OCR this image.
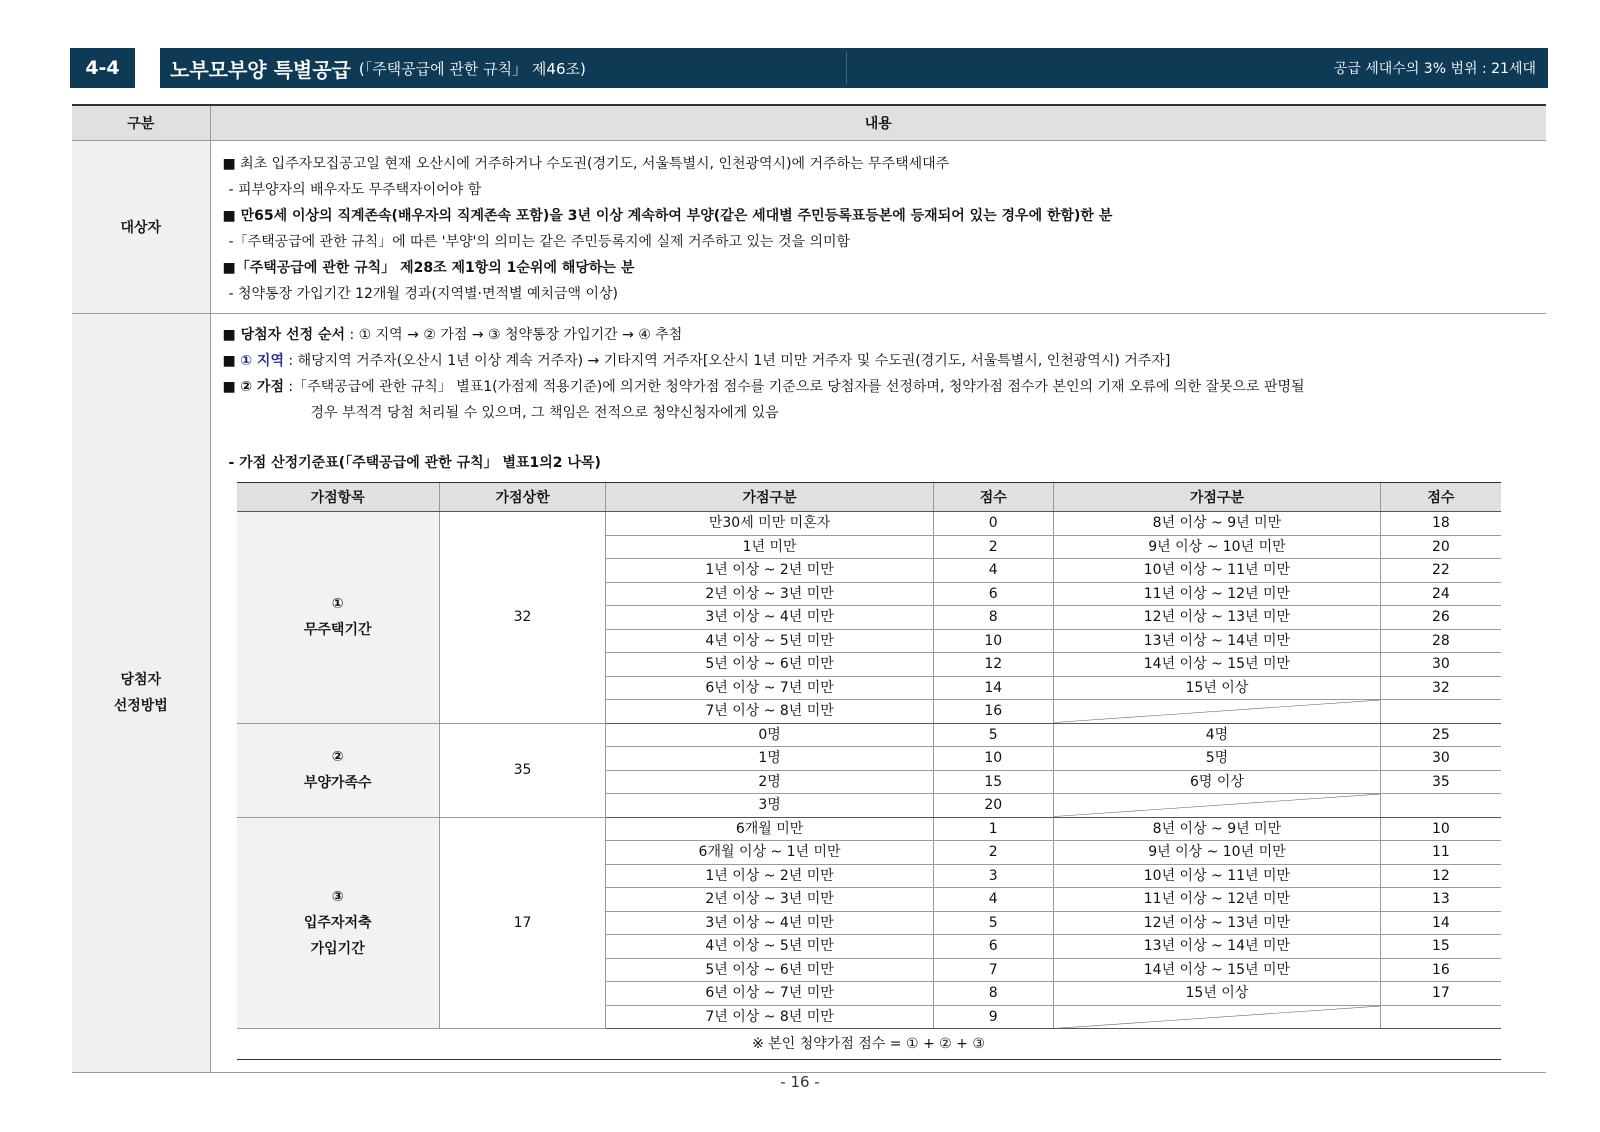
4-4	노부모부양 특별공급 (「주택공급에 관한 규칙」 제46조)	공급 세대수의 3% 범위 : 21세대
구분	내용
대상자	
■ 최초 입주자모집공고일 현재 오산시에 거주하거나 수도권(경기도, 서울특별시, 인천광역시)에 거주하는 무주택세대주
- 피부양자의 배우자도 무주택자이어야 함
■ 만65세 이상의 직계존속(배우자의 직계존속 포함)을 3년 이상 계속하여 부양(같은 세대별 주민등록표등본에 등재되어 있는 경우에 한함)한 분
-「주택공급에 관한 규칙」에 따른 '부양'의 의미는 같은 주민등록지에 실제 거주하고 있는 것을 의미함
■「주택공급에 관한 규칙」 제28조 제1항의 1순위에 해당하는 분
- 청약통장 가입기간 12개월 경과(지역별·면적별 예치금액 이상)

당첨자
선정방법

■ 당첨자 선정 순서 : ① 지역 → ② 가점 → ③ 청약통장 가입기간 → ④ 추첨
■ ① 지역 : 해당지역 거주자(오산시 1년 이상 계속 거주자) → 기타지역 거주자[오산시 1년 미만 거주자 및 수도권(경기도, 서울특별시, 인천광역시) 거주자]
■ ② 가점 :「주택공급에 관한 규칙」 별표1(가점제 적용기준)에 의거한 청약가점 점수를 기준으로 당첨자를 선정하며, 청약가점 점수가 본인의 기재 오류에 의한 잘못으로 판명될
경우 부적격 당첨 처리될 수 있으며, 그 책임은 전적으로 청약신청자에게 있음
- 가점 산정기준표(「주택공급에 관한 규칙」 별표1의2 나목)
가점항목	가점상한	가점구분	점수	가점구분	점수

①
무주택기간
	32	만30세 미만 미혼자	0	8년 이상 ~ 9년 미만	18
1년 미만	2	9년 이상 ~ 10년 미만	20
1년 이상 ~ 2년 미만	4	10년 이상 ~ 11년 미만	22
2년 이상 ~ 3년 미만	6	11년 이상 ~ 12년 미만	24
3년 이상 ~ 4년 미만	8	12년 이상 ~ 13년 미만	26
4년 이상 ~ 5년 미만	10	13년 이상 ~ 14년 미만	28
5년 이상 ~ 6년 미만	12	14년 이상 ~ 15년 미만	30
6년 이상 ~ 7년 미만	14	15년 이상	32
7년 이상 ~ 8년 미만	16	

②
부양가족수
	35	0명	5	4명	25
1명	10	5명	30
2명	15	6명 이상	35
3명	20	

③
입주자저축
가입기간
	17	6개월 미만	1	8년 이상 ~ 9년 미만	10
6개월 이상 ~ 1년 미만	2	9년 이상 ~ 10년 미만	11
1년 이상 ~ 2년 미만	3	10년 이상 ~ 11년 미만	12
2년 이상 ~ 3년 미만	4	11년 이상 ~ 12년 미만	13
3년 이상 ~ 4년 미만	5	12년 이상 ~ 13년 미만	14
4년 이상 ~ 5년 미만	6	13년 이상 ~ 14년 미만	15
5년 이상 ~ 6년 미만	7	14년 이상 ~ 15년 미만	16
6년 이상 ~ 7년 미만	8	15년 이상	17
7년 이상 ~ 8년 미만	9	

※ 본인 청약가점 점수 = ① + ② + ③
- 16 -
